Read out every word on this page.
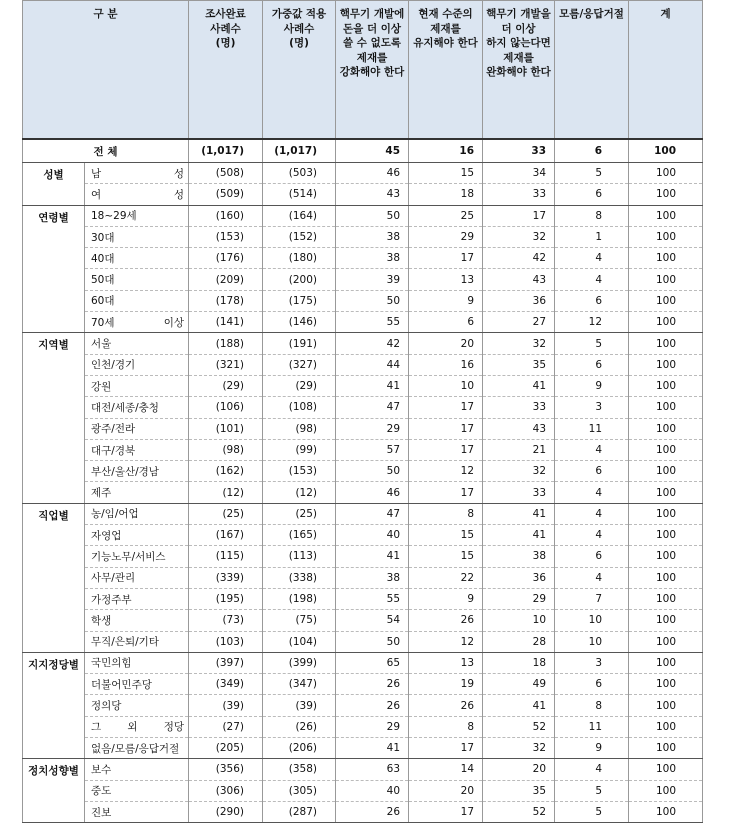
구 분		조사완료
사례수
(명)	가중값 적용
사례수
(명)	핵무기 개발에
돈을 더 이상
쓸 수 없도록
제재를
강화해야 한다	현재 수준의
제재를
유지해야 한다	핵무기 개발을
더 이상
하지 않는다면
제재를
완화해야 한다	모름/응답거절	계
전 체		(1,017)	(1,017)	45	16	33	6	100
성별	남 성	(508)	(503)	46	15	34	5	100
	여 성	(509)	(514)	43	18	33	6	100
연령별	18~29세	(160)	(164)	50	25	17	8	100
	30대	(153)	(152)	38	29	32	1	100
	40대	(176)	(180)	38	17	42	4	100
	50대	(209)	(200)	39	13	43	4	100
	60대	(178)	(175)	50	9	36	6	100
	70세 이상	(141)	(146)	55	6	27	12	100
지역별	서울	(188)	(191)	42	20	32	5	100
	인천/경기	(321)	(327)	44	16	35	6	100
	강원	(29)	(29)	41	10	41	9	100
	대전/세종/충청	(106)	(108)	47	17	33	3	100
	광주/전라	(101)	(98)	29	17	43	11	100
	대구/경북	(98)	(99)	57	17	21	4	100
	부산/울산/경남	(162)	(153)	50	12	32	6	100
	제주	(12)	(12)	46	17	33	4	100
직업별	농/임/어업	(25)	(25)	47	8	41	4	100
	자영업	(167)	(165)	40	15	41	4	100
	기능노무/서비스	(115)	(113)	41	15	38	6	100
	사무/관리	(339)	(338)	38	22	36	4	100
	가정주부	(195)	(198)	55	9	29	7	100
	학생	(73)	(75)	54	26	10	10	100
	무직/은퇴/기타	(103)	(104)	50	12	28	10	100
지지정당별	국민의힘	(397)	(399)	65	13	18	3	100
	더불어민주당	(349)	(347)	26	19	49	6	100
	정의당	(39)	(39)	26	26	41	8	100
	그 외 정당	(27)	(26)	29	8	52	11	100
	없음/모름/응답거절	(205)	(206)	41	17	32	9	100
정치성향별	보수	(356)	(358)	63	14	20	4	100
	중도	(306)	(305)	40	20	35	5	100
	진보	(290)	(287)	26	17	52	5	100
